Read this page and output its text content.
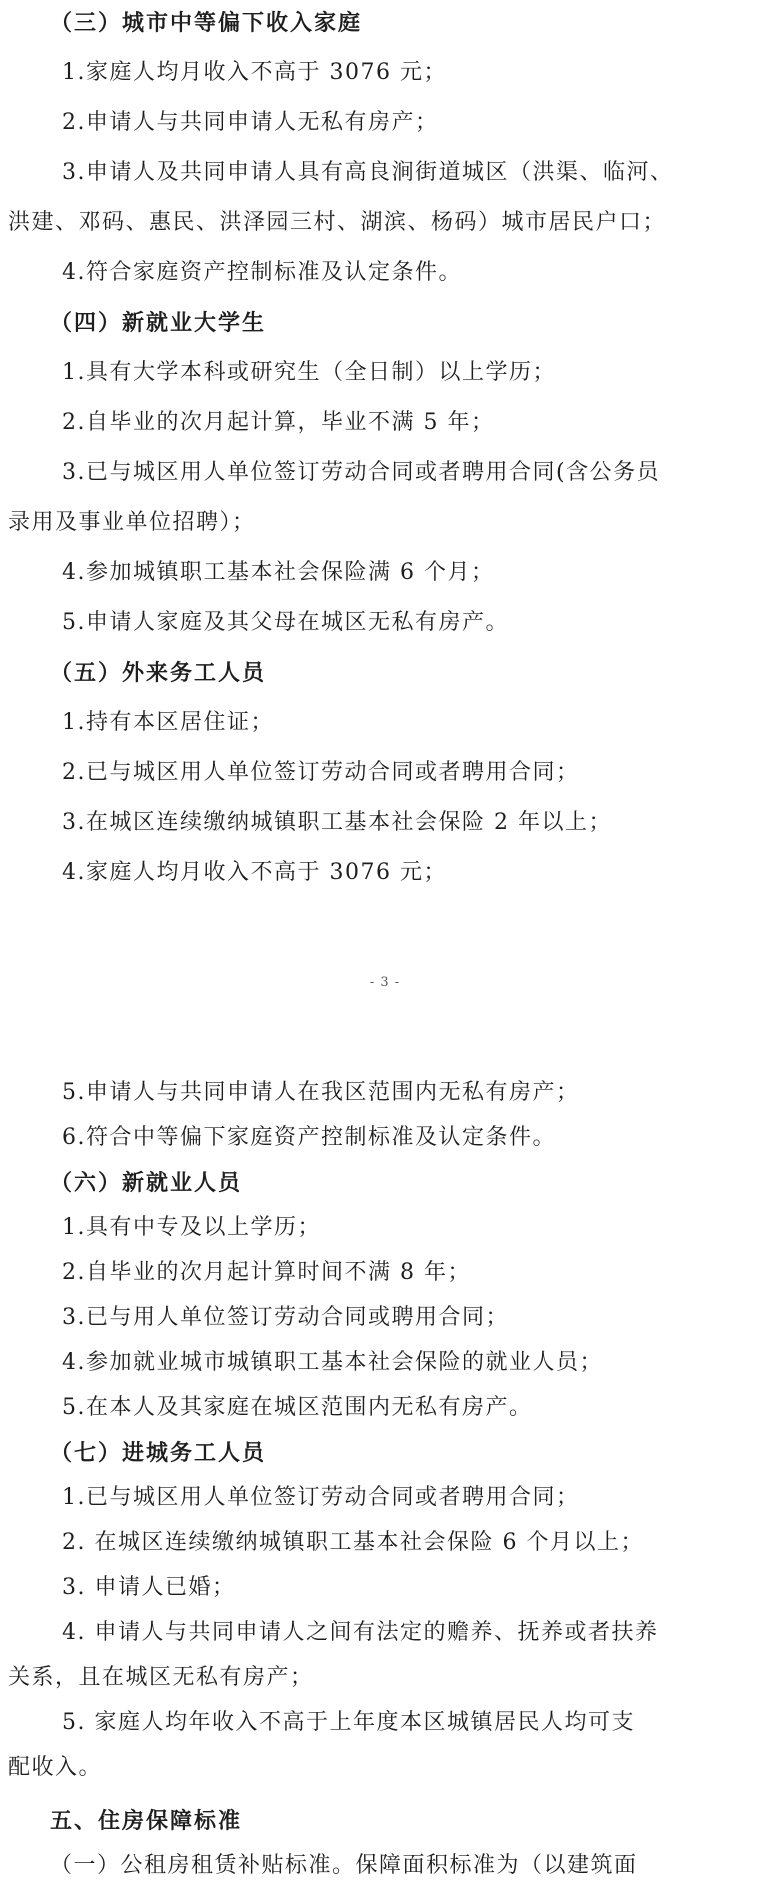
（三）城市中等偏下收入家庭
1.家庭人均月收入不高于 3076 元；
2.申请人与共同申请人无私有房产；
3.申请人及共同申请人具有高良涧街道城区（洪渠、临河、
洪建、邓码、惠民、洪泽园三村、湖滨、杨码）城市居民户口；
4.符合家庭资产控制标准及认定条件。
（四）新就业大学生
1.具有大学本科或研究生（全日制）以上学历；
2.自毕业的次月起计算，毕业不满 5 年；
3.已与城区用人单位签订劳动合同或者聘用合同(含公务员
录用及事业单位招聘）；
4.参加城镇职工基本社会保险满 6 个月；
5.申请人家庭及其父母在城区无私有房产。
（五）外来务工人员
1.持有本区居住证；
2.已与城区用人单位签订劳动合同或者聘用合同；
3.在城区连续缴纳城镇职工基本社会保险 2 年以上；
4.家庭人均月收入不高于 3076 元；
- 3 -
5.申请人与共同申请人在我区范围内无私有房产；
6.符合中等偏下家庭资产控制标准及认定条件。
（六）新就业人员
1.具有中专及以上学历；
2.自毕业的次月起计算时间不满 8 年；
3.已与用人单位签订劳动合同或聘用合同；
4.参加就业城市城镇职工基本社会保险的就业人员；
5.在本人及其家庭在城区范围内无私有房产。
（七）进城务工人员
1.已与城区用人单位签订劳动合同或者聘用合同；
2. 在城区连续缴纳城镇职工基本社会保险 6 个月以上；
3. 申请人已婚；
4. 申请人与共同申请人之间有法定的赡养、抚养或者扶养
关系，且在城区无私有房产；
5. 家庭人均年收入不高于上年度本区城镇居民人均可支
配收入。
五、住房保障标准
（一）公租房租赁补贴标准。保障面积标准为（以建筑面
